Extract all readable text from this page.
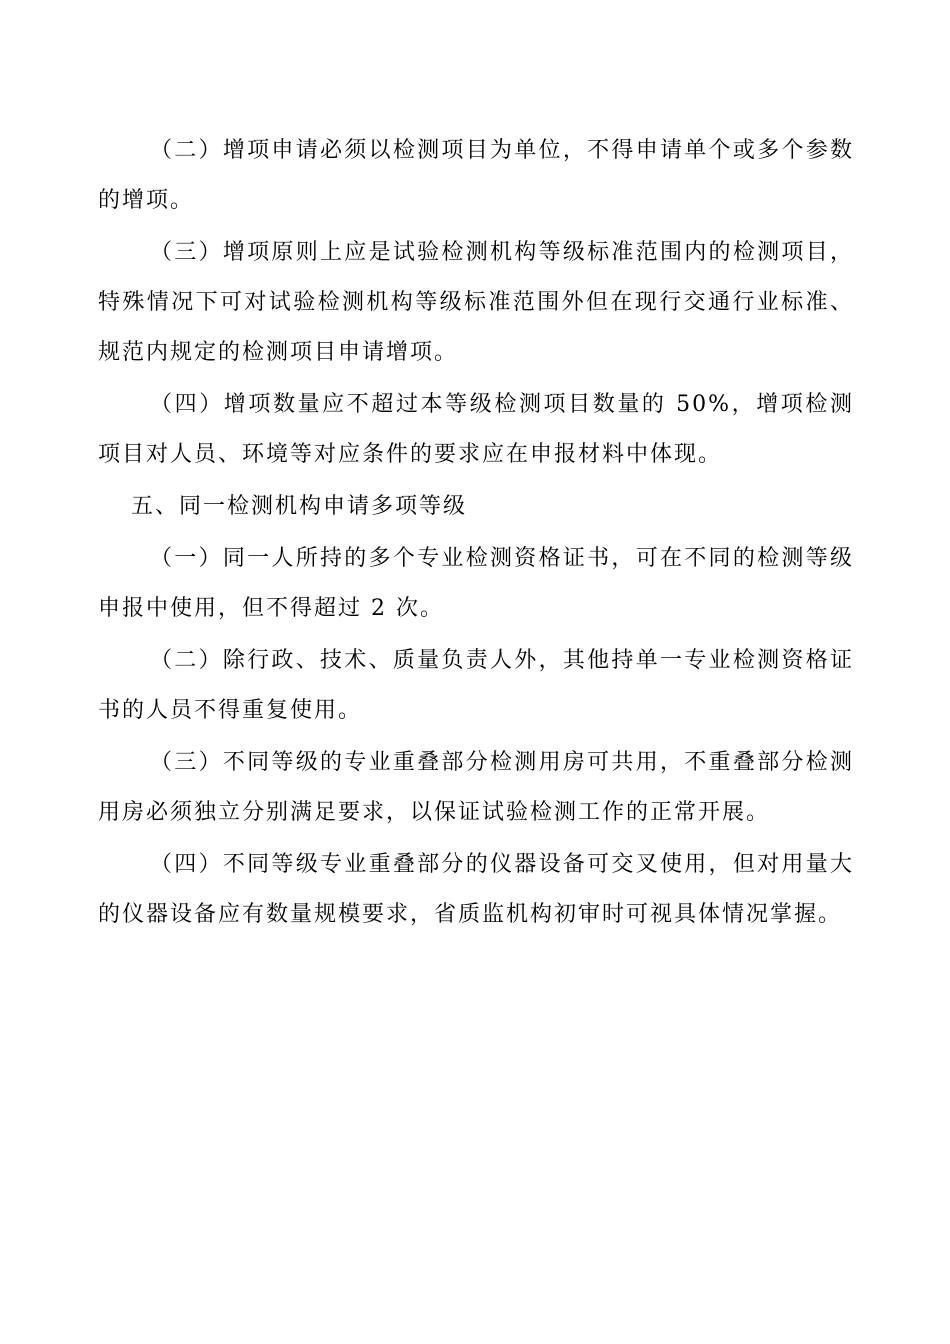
（二）增项申请必须以检测项目为单位，不得申请单个或多个参数的增项。

（三）增项原则上应是试验检测机构等级标准范围内的检测项目，特殊情况下可对试验检测机构等级标准范围外但在现行交通行业标准、规范内规定的检测项目申请增项。

（四）增项数量应不超过本等级检测项目数量的 50%，增项检测项目对人员、环境等对应条件的要求应在申报材料中体现。

五、同一检测机构申请多项等级

（一）同一人所持的多个专业检测资格证书，可在不同的检测等级申报中使用，但不得超过 2 次。

（二）除行政、技术、质量负责人外，其他持单一专业检测资格证书的人员不得重复使用。

（三）不同等级的专业重叠部分检测用房可共用，不重叠部分检测用房必须独立分别满足要求，以保证试验检测工作的正常开展。

（四）不同等级专业重叠部分的仪器设备可交叉使用，但对用量大的仪器设备应有数量规模要求，省质监机构初审时可视具体情况掌握。
